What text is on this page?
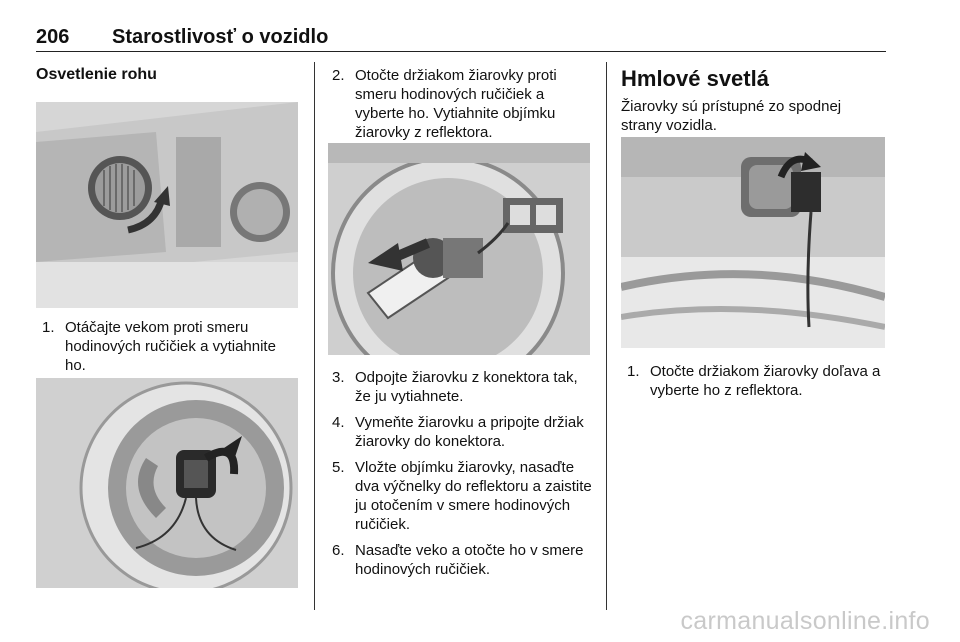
206 Starostlivosť o vozidlo
Osvetlenie rohu
1. Otáčajte vekom proti smeru hodinových ručičiek a vytiahnite ho.
2. Otočte držiakom žiarovky proti smeru hodinových ručičiek a vyberte ho. Vytiahnite objímku žiarovky z reflektora.
3. Odpojte žiarovku z konektora tak, že ju vytiahnete.
4. Vymeňte žiarovku a pripojte držiak žiarovky do konektora.
5. Vložte objímku žiarovky, nasaďte dva výčnelky do reflektoru a zaistite ju otočením v smere hodinových ručičiek.
6. Nasaďte veko a otočte ho v smere hodinových ručičiek.
Hmlové svetlá
Žiarovky sú prístupné zo spodnej strany vozidla.
1. Otočte držiakom žiarovky doľava a vyberte ho z reflektora.
carmanualsonline.info
